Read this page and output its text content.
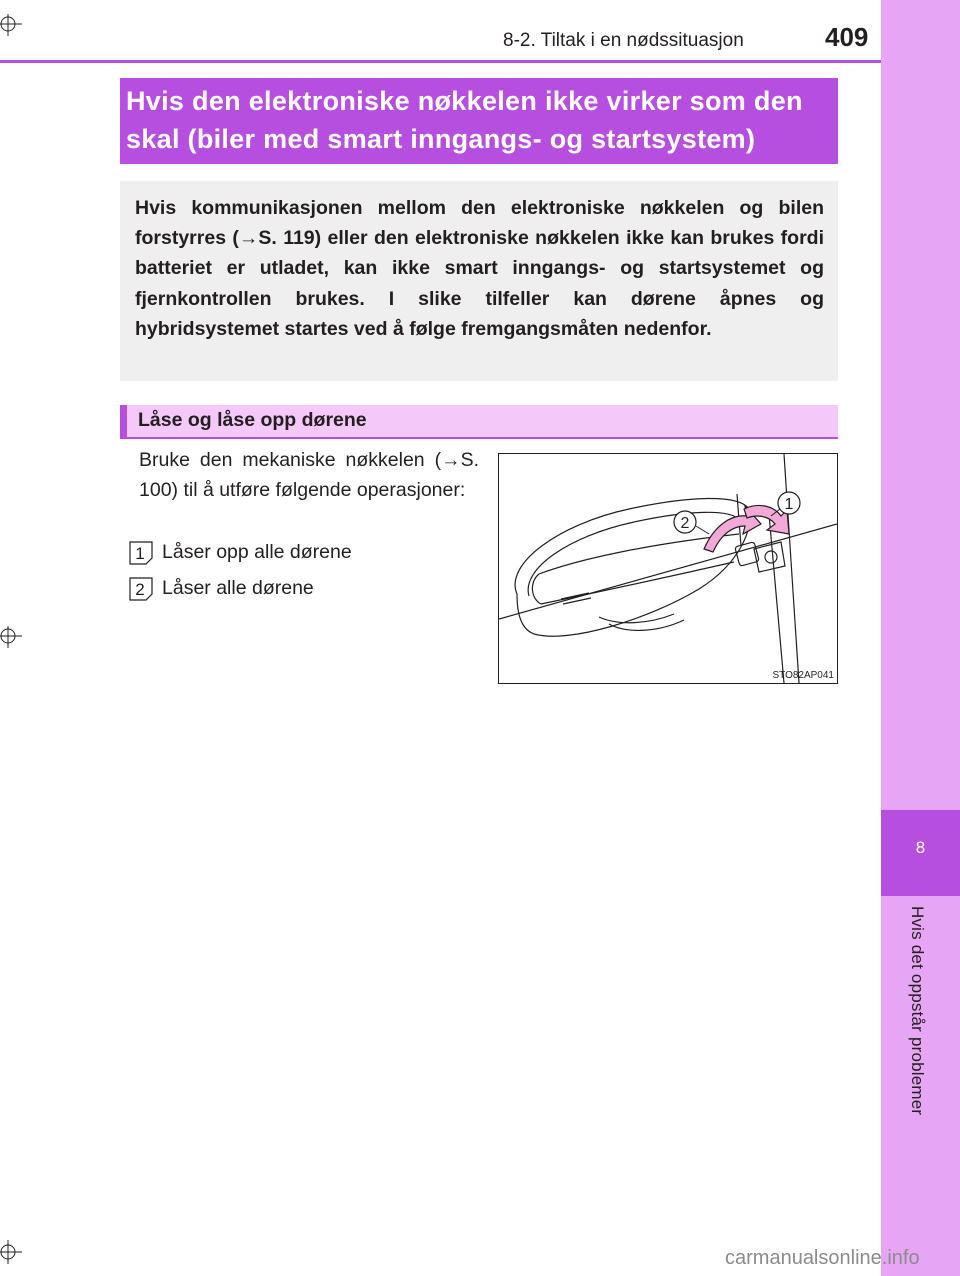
8
Hvis det oppstår problemer
8-2. Tiltak i en nødssituasjon	409
Hvis den elektroniske nøkkelen ikke virker som den
skal (biler med smart inngangs- og startsystem)
Hvis kommunikasjonen mellom den elektroniske nøkkelen og bilen forstyrres (→S. 119) eller den elektroniske nøkkelen ikke kan brukes fordi batteriet er utladet, kan ikke smart inngangs- og startsystemet og fjernkontrollen brukes. I slike tilfeller kan dørene åpnes og hybridsystemet startes ved å følge fremgangsmåten nedenfor.
Låse og låse opp dørene
Bruke den mekaniske nøkkelen (→S. 100) til å utføre følgende operasjoner:
1 Låser opp alle dørene
2 Låser alle dørene
1
2
STO82AP041
carmanualsonline.info
